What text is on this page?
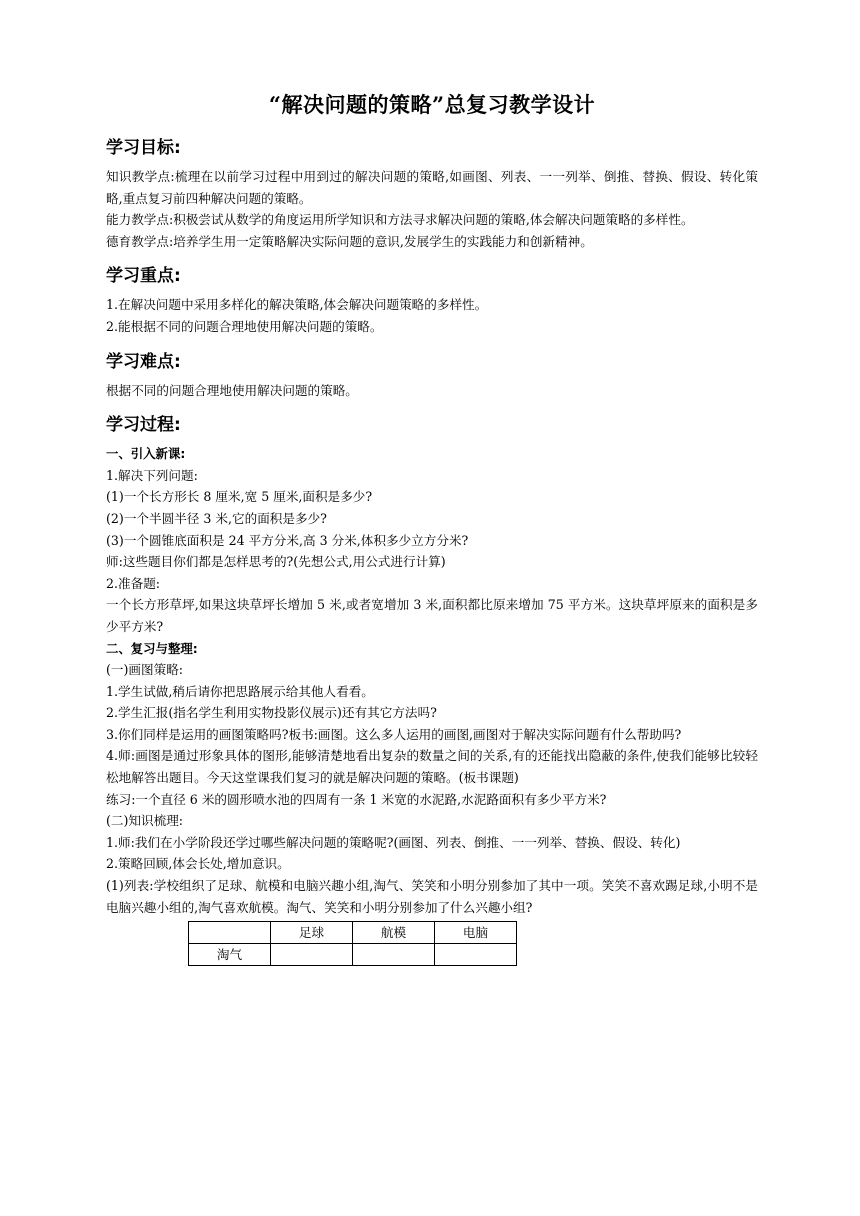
“解决问题的策略”总复习教学设计
学习目标:

知识教学点:梳理在以前学习过程中用到过的解决问题的策略,如画图、列表、一一列举、倒推、替换、假设、转化策略,重点复习前四种解决问题的策略。

能力教学点:积极尝试从数学的角度运用所学知识和方法寻求解决问题的策略,体会解决问题策略的多样性。

德育教学点:培养学生用一定策略解决实际问题的意识,发展学生的实践能力和创新精神。

学习重点:

1.在解决问题中采用多样化的解决策略,体会解决问题策略的多样性。

2.能根据不同的问题合理地使用解决问题的策略。

学习难点:

根据不同的问题合理地使用解决问题的策略。

学习过程:

一、引入新课:

1.解决下列问题:

(1)一个长方形长 8 厘米,宽 5 厘米,面积是多少?

(2)一个半圆半径 3 米,它的面积是多少?

(3)一个圆锥底面积是 24 平方分米,高 3 分米,体积多少立方分米?

师:这些题目你们都是怎样思考的?(先想公式,用公式进行计算)

2.准备题:

一个长方形草坪,如果这块草坪长增加 5 米,或者宽增加 3 米,面积都比原来增加 75 平方米。这块草坪原来的面积是多少平方米?

二、复习与整理:

(一)画图策略:

1.学生试做,稍后请你把思路展示给其他人看看。

2.学生汇报(指名学生利用实物投影仪展示)还有其它方法吗?

3.你们同样是运用的画图策略吗?板书:画图。这么多人运用的画图,画图对于解决实际问题有什么帮助吗?

4.师:画图是通过形象具体的图形,能够清楚地看出复杂的数量之间的关系,有的还能找出隐蔽的条件,使我们能够比较轻松地解答出题目。今天这堂课我们复习的就是解决问题的策略。(板书课题)

练习:一个直径 6 米的圆形喷水池的四周有一条 1 米宽的水泥路,水泥路面积有多少平方米?

(二)知识梳理:

1.师:我们在小学阶段还学过哪些解决问题的策略呢?(画图、列表、倒推、一一列举、替换、假设、转化)

2.策略回顾,体会长处,增加意识。

(1)列表:学校组织了足球、航模和电脑兴趣小组,淘气、笑笑和小明分别参加了其中一项。笑笑不喜欢踢足球,小明不是电脑兴趣小组的,淘气喜欢航模。淘气、笑笑和小明分别参加了什么兴趣小组?

	足球	航模	电脑
淘气			
